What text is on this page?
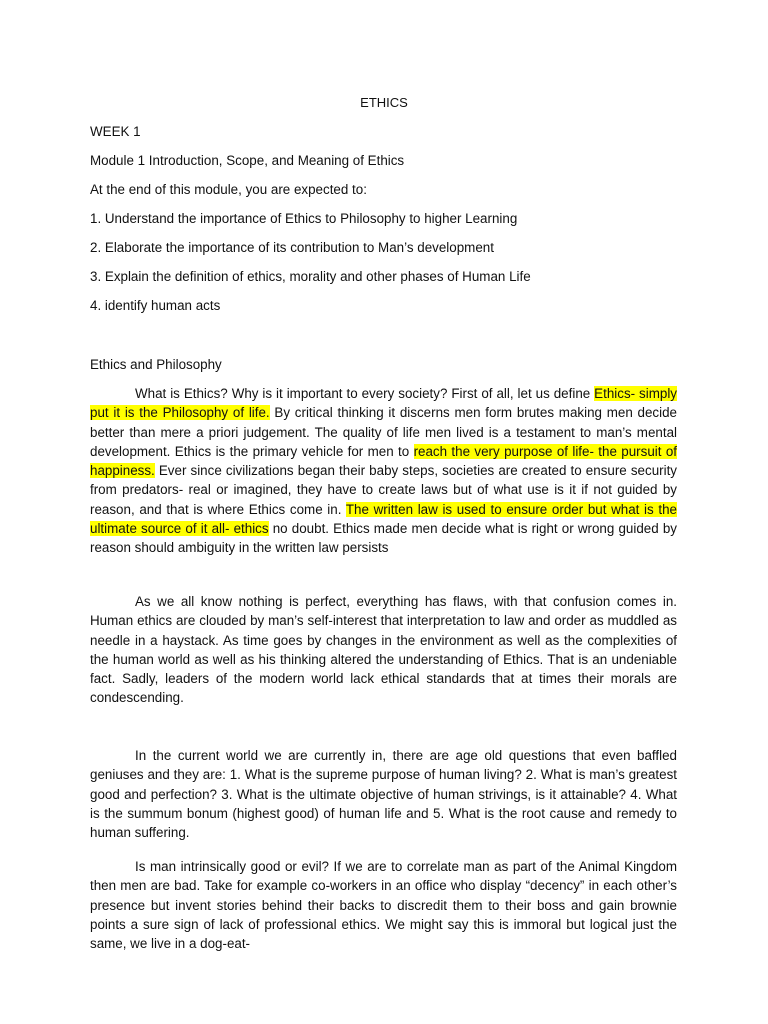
ETHICS
WEEK 1
Module 1 Introduction, Scope, and Meaning of Ethics
At the end of this module, you are expected to:
1. Understand the importance of Ethics to Philosophy to higher Learning
2. Elaborate the importance of its contribution to Man’s development
3. Explain the definition of ethics, morality and other phases of Human Life
4. identify human acts
Ethics and Philosophy
What is Ethics? Why is it important to every society? First of all, let us define Ethics- simply put it is the Philosophy of life. By critical thinking it discerns men form brutes making men decide better than mere a priori judgement. The quality of life men lived is a testament to man’s mental development. Ethics is the primary vehicle for men to reach the very purpose of life- the pursuit of happiness. Ever since civilizations began their baby steps, societies are created to ensure security from predators- real or imagined, they have to create laws but of what use is it if not guided by reason, and that is where Ethics come in. The written law is used to ensure order but what is the ultimate source of it all- ethics no doubt. Ethics made men decide what is right or wrong guided by reason should ambiguity in the written law persists
As we all know nothing is perfect, everything has flaws, with that confusion comes in. Human ethics are clouded by man’s self-interest that interpretation to law and order as muddled as needle in a haystack. As time goes by changes in the environment as well as the complexities of the human world as well as his thinking altered the understanding of Ethics. That is an undeniable fact. Sadly, leaders of the modern world lack ethical standards that at times their morals are condescending.
In the current world we are currently in, there are age old questions that even baffled geniuses and they are: 1. What is the supreme purpose of human living? 2. What is man’s greatest good and perfection? 3. What is the ultimate objective of human strivings, is it attainable? 4. What is the summum bonum (highest good) of human life and 5. What is the root cause and remedy to human suffering.
Is man intrinsically good or evil? If we are to correlate man as part of the Animal Kingdom then men are bad. Take for example co-workers in an office who display “decency” in each other’s presence but invent stories behind their backs to discredit them to their boss and gain brownie points a sure sign of lack of professional ethics. We might say this is immoral but logical just the same, we live in a dog-eat-
